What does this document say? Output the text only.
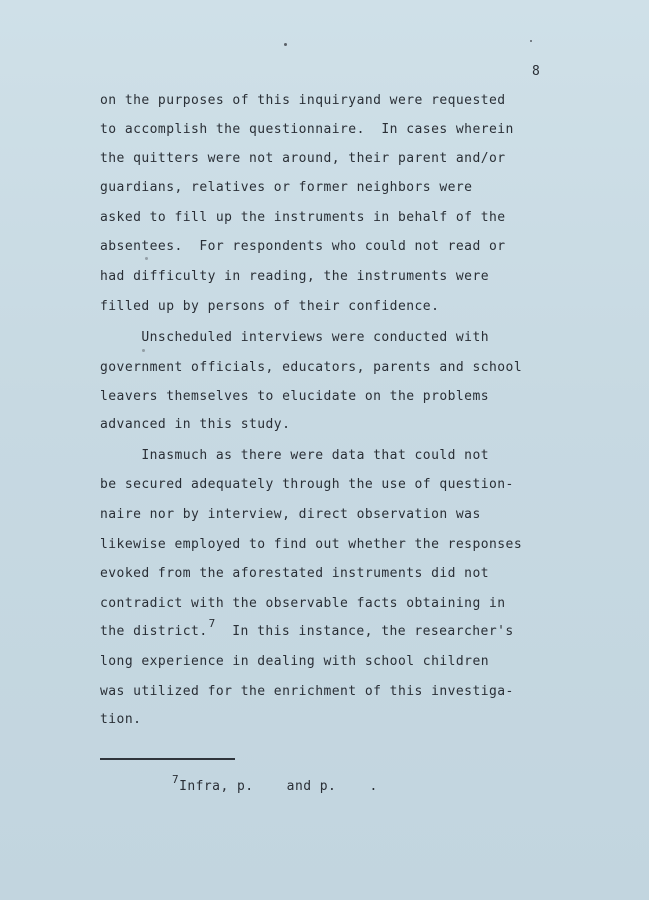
8
on the purposes of this inquiryand were requested
to accomplish the questionnaire.  In cases wherein
the quitters were not around, their parent and/or
guardians, relatives or former neighbors were
asked to fill up the instruments in behalf of the
absentees.  For respondents who could not read or
had difficulty in reading, the instruments were
filled up by persons of their confidence.
Unscheduled interviews were conducted with
government officials, educators, parents and school
leavers themselves to elucidate on the problems
advanced in this study.
Inasmuch as there were data that could not
be secured adequately through the use of question-
naire nor by interview, direct observation was
likewise employed to find out whether the responses
evoked from the aforestated instruments did not
contradict with the observable facts obtaining in
the district.$^7$  In this instance, the researcher's
long experience in dealing with school children
was utilized for the enrichment of this investiga-
tion.
$^7$Infra, p.    and p.    .
